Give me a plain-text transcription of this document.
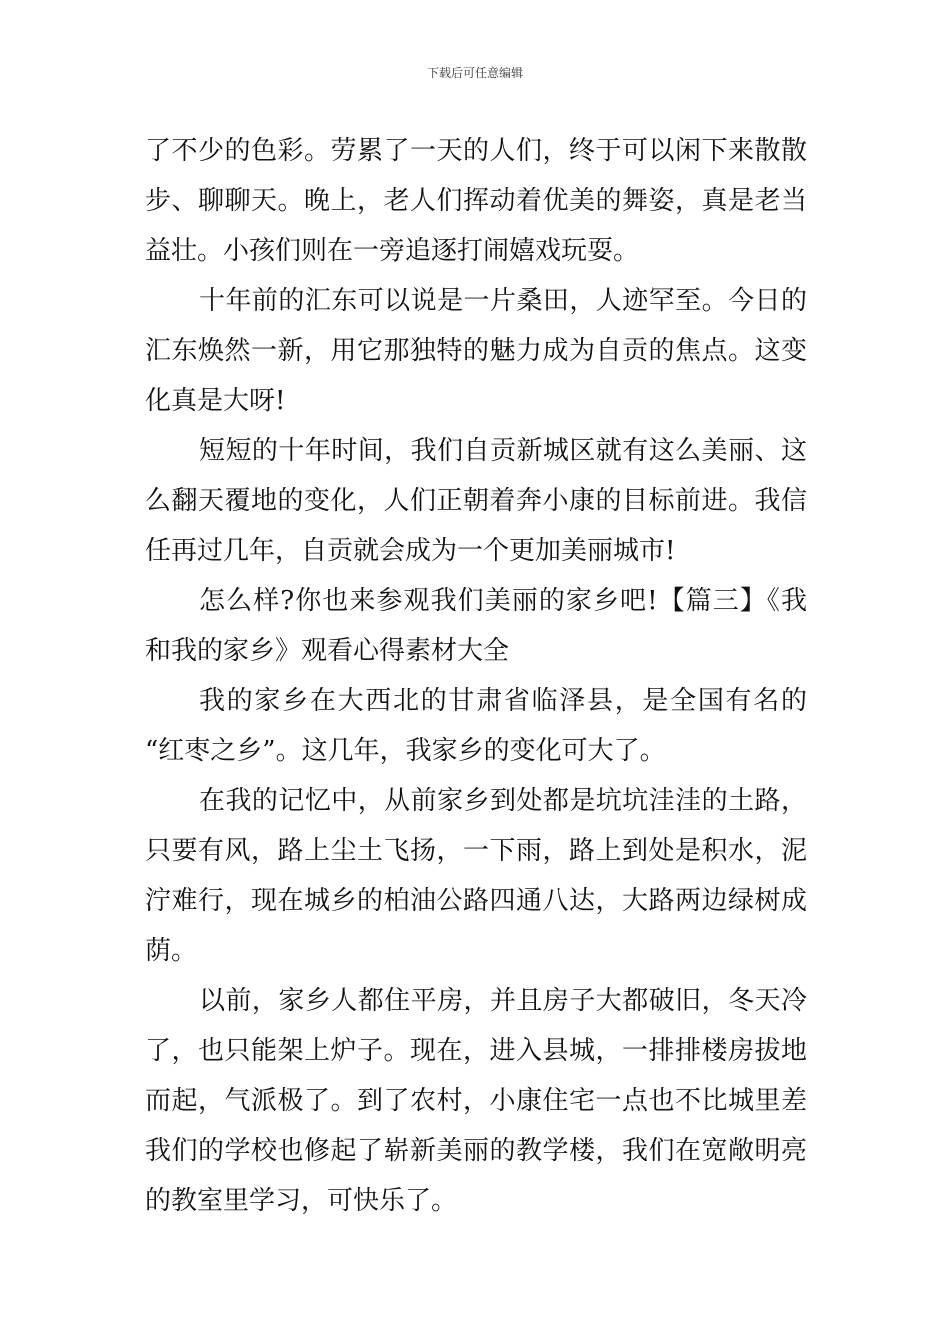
下载后可任意编辑
了不少的色彩。劳累了一天的人们，终于可以闲下来散散
步、聊聊天。晚上，老人们挥动着优美的舞姿，真是老当
益壮。小孩们则在一旁追逐打闹嬉戏玩耍。
十年前的汇东可以说是一片桑田，人迹罕至。今日的
汇东焕然一新，用它那独特的魅力成为自贡的焦点。这变
化真是大呀!
短短的十年时间，我们自贡新城区就有这么美丽、这
么翻天覆地的变化，人们正朝着奔小康的目标前进。我信
任再过几年，自贡就会成为一个更加美丽城市!
怎么样?你也来参观我们美丽的家乡吧!【篇三】《我
和我的家乡》观看心得素材大全
我的家乡在大西北的甘肃省临泽县，是全国有名的
“红枣之乡”。这几年，我家乡的变化可大了。
在我的记忆中，从前家乡到处都是坑坑洼洼的土路，
只要有风，路上尘土飞扬，一下雨，路上到处是积水，泥
泞难行，现在城乡的柏油公路四通八达，大路两边绿树成
荫。
以前，家乡人都住平房，并且房子大都破旧，冬天冷
了，也只能架上炉子。现在，进入县城，一排排楼房拔地
而起，气派极了。到了农村，小康住宅一点也不比城里差
我们的学校也修起了崭新美丽的教学楼，我们在宽敞明亮
的教室里学习，可快乐了。
